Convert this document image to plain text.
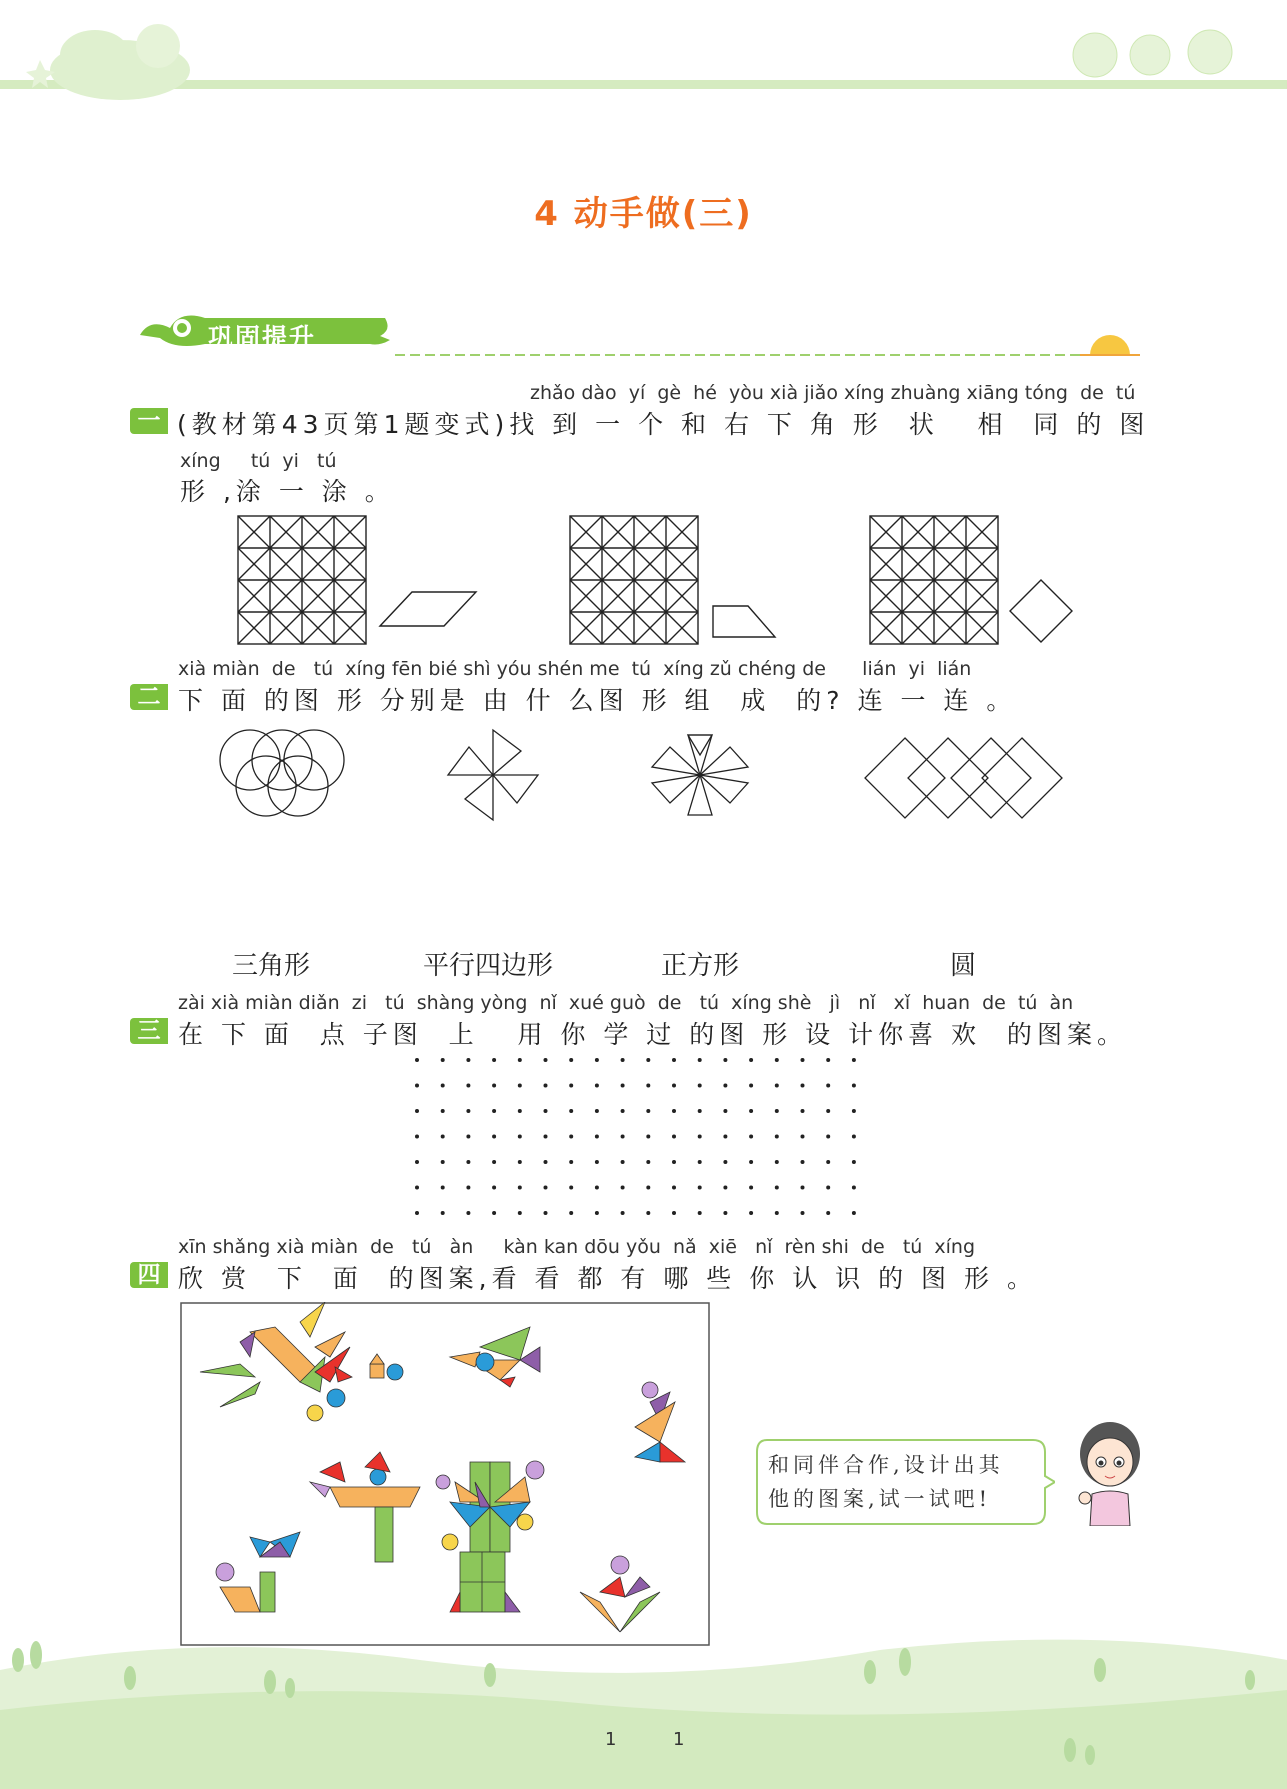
4 动手做(三)
巩固提升
一
zhǎo dào  yí  gè  hé  yòu xià jiǎo xíng zhuàng xiāng tóng  de  tú
(教材第43页第1题变式)找 到 一 个 和 右 下 角 形  状   相  同 的 图
xíng     tú  yi   tú
形 ,涂 一 涂 。
二
xià miàn  de   tú  xíng fēn bié shì yóu shén me  tú  xíng zǔ chéng de      lián  yi  lián
下 面 的图 形 分别是 由 什 么图 形 组  成  的? 连 一 连 。
三角形	平行四边形	正方形	圆
三
zài xià miàn diǎn  zi   tú  shàng yòng  nǐ  xué guò  de   tú  xíng shè   jì   nǐ   xǐ  huan  de  tú  àn
在 下 面  点 子图  上   用 你 学 过 的图 形 设 计你喜 欢  的图案。
四
xīn shǎng xià miàn  de   tú   àn     kàn kan dōu yǒu  nǎ  xiē   nǐ  rèn shi  de   tú  xíng
欣 赏  下  面  的图案,看 看 都 有 哪 些 你 认 识 的 图 形 。
和同伴合作,设计出其
他的图案,试一试吧!
1	1
